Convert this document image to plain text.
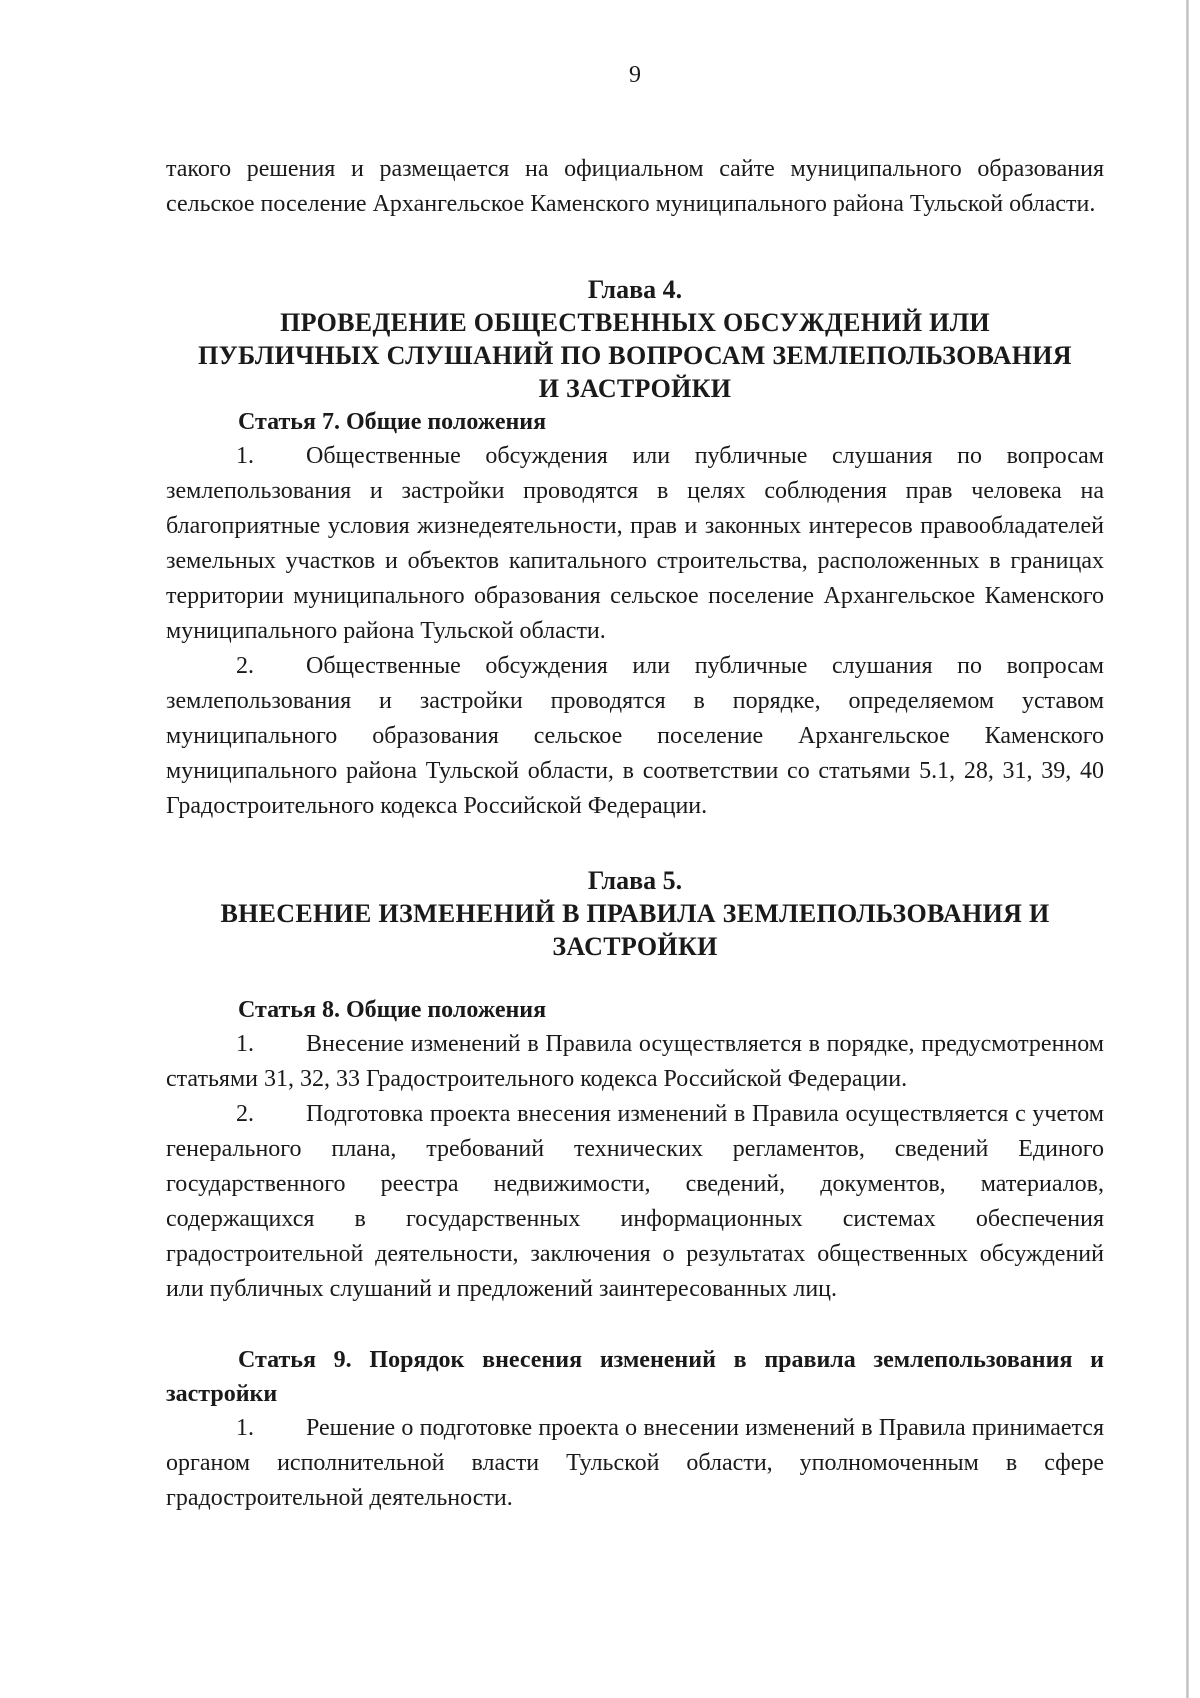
9

такого решения и размещается на официальном сайте муниципального образования сельское поселение Архангельское Каменского муниципального района Тульской области.

Глава 4.
ПРОВЕДЕНИЕ ОБЩЕСТВЕННЫХ ОБСУЖДЕНИЙ ИЛИ
ПУБЛИЧНЫХ СЛУШАНИЙ ПО ВОПРОСАМ ЗЕМЛЕПОЛЬЗОВАНИЯ
И ЗАСТРОЙКИ

Статья 7. Общие положения

1. Общественные обсуждения или публичные слушания по вопросам землепользования и застройки проводятся в целях соблюдения прав человека на благоприятные условия жизнедеятельности, прав и законных интересов правообладателей земельных участков и объектов капитального строительства, расположенных в границах территории муниципального образования сельское поселение Архангельское Каменского муниципального района Тульской области.

2. Общественные обсуждения или публичные слушания по вопросам землепользования и застройки проводятся в порядке, определяемом уставом муниципального образования сельское поселение Архангельское Каменского муниципального района Тульской области, в соответствии со статьями 5.1, 28, 31, 39, 40 Градостроительного кодекса Российской Федерации.

Глава 5.
ВНЕСЕНИЕ ИЗМЕНЕНИЙ В ПРАВИЛА ЗЕМЛЕПОЛЬЗОВАНИЯ И
ЗАСТРОЙКИ

Статья 8. Общие положения

1. Внесение изменений в Правила осуществляется в порядке, предусмотренном статьями 31, 32, 33 Градостроительного кодекса Российской Федерации.

2. Подготовка проекта внесения изменений в Правила осуществляется с учетом генерального плана, требований технических регламентов, сведений Единого государственного реестра недвижимости, сведений, документов, материалов, содержащихся в государственных информационных системах обеспечения градостроительной деятельности, заключения о результатах общественных обсуждений или публичных слушаний и предложений заинтересованных лиц.

Статья 9. Порядок внесения изменений в правила землепользования и застройки

1. Решение о подготовке проекта о внесении изменений в Правила принимается органом исполнительной власти Тульской области, уполномоченным в сфере градостроительной деятельности.
